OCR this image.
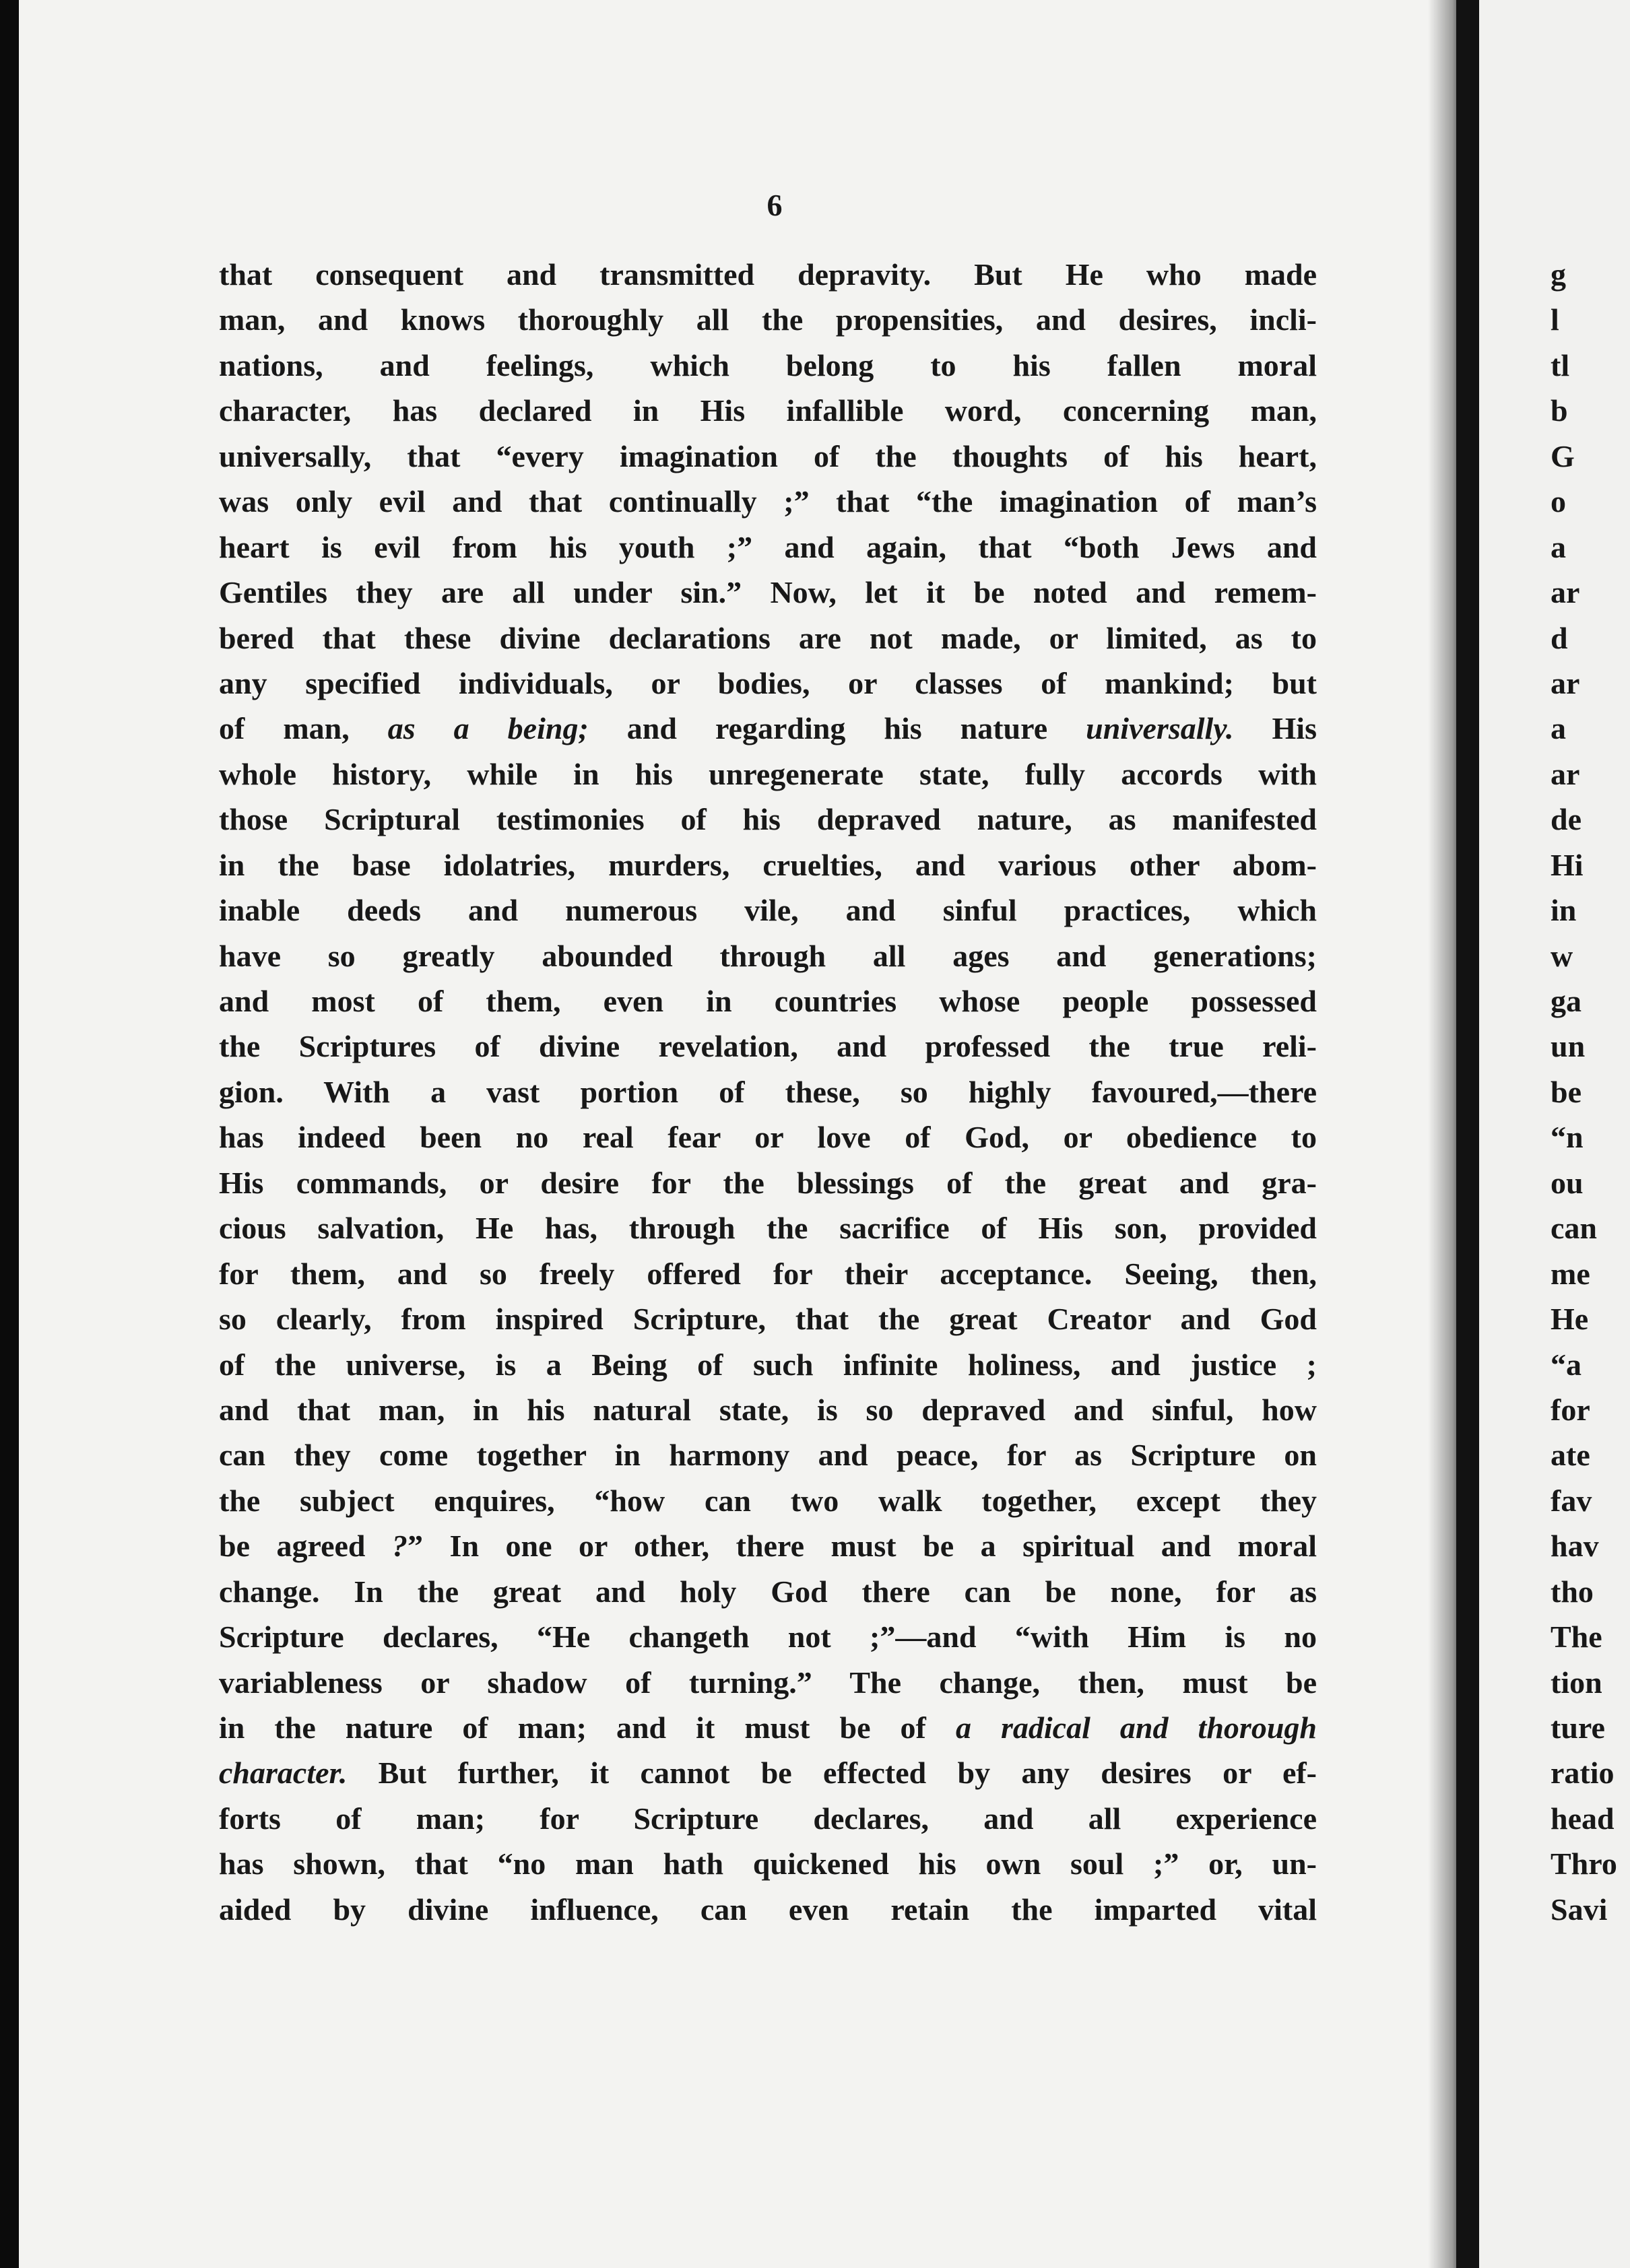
6
that consequent and transmitted depravity. But He who made
man, and knows thoroughly all the propensities, and desires, incli-
nations, and feelings, which belong to his fallen moral
character, has declared in His infallible word, concerning man,
universally, that “every imagination of the thoughts of his heart,
was only evil and that continually ;” that “the imagination of man’s
heart is evil from his youth ;” and again, that “both Jews and
Gentiles they are all under sin.” Now, let it be noted and remem-
bered that these divine declarations are not made, or limited, as to
any specified individuals, or bodies, or classes of mankind; but
of man, as a being; and regarding his nature universally. His
whole history, while in his unregenerate state, fully accords with
those Scriptural testimonies of his depraved nature, as manifested
in the base idolatries, murders, cruelties, and various other abom-
inable deeds and numerous vile, and sinful practices, which
have so greatly abounded through all ages and generations;
and most of them, even in countries whose people possessed
the Scriptures of divine revelation, and professed the true reli-
gion. With a vast portion of these, so highly favoured,—there
has indeed been no real fear or love of God, or obedience to
His commands, or desire for the blessings of the great and gra-
cious salvation, He has, through the sacrifice of His son, provided
for them, and so freely offered for their acceptance. Seeing, then,
so clearly, from inspired Scripture, that the great Creator and God
of the universe, is a Being of such infinite holiness, and justice ;
and that man, in his natural state, is so depraved and sinful, how
can they come together in harmony and peace, for as Scripture on
the subject enquires, “how can two walk together, except they
be agreed ?” In one or other, there must be a spiritual and moral
change. In the great and holy God there can be none, for as
Scripture declares, “He changeth not ;”—and “with Him is no
variableness or shadow of turning.” The change, then, must be
in the nature of man; and it must be of a radical and thorough
character. But further, it cannot be effected by any desires or ef-
forts of man; for Scripture declares, and all experience
has shown, that “no man hath quickened his own soul ;” or, un-
aided by divine influence, can even retain the imparted vital
g
l
tl
b
G
o
a
ar
d
ar
a
ar
de
Hi
in
w
ga
un
be
“n
ou
can
me
He
“a
for
ate
fav
hav
tho
The
tion
ture
ratio
head
Thro
Savi
